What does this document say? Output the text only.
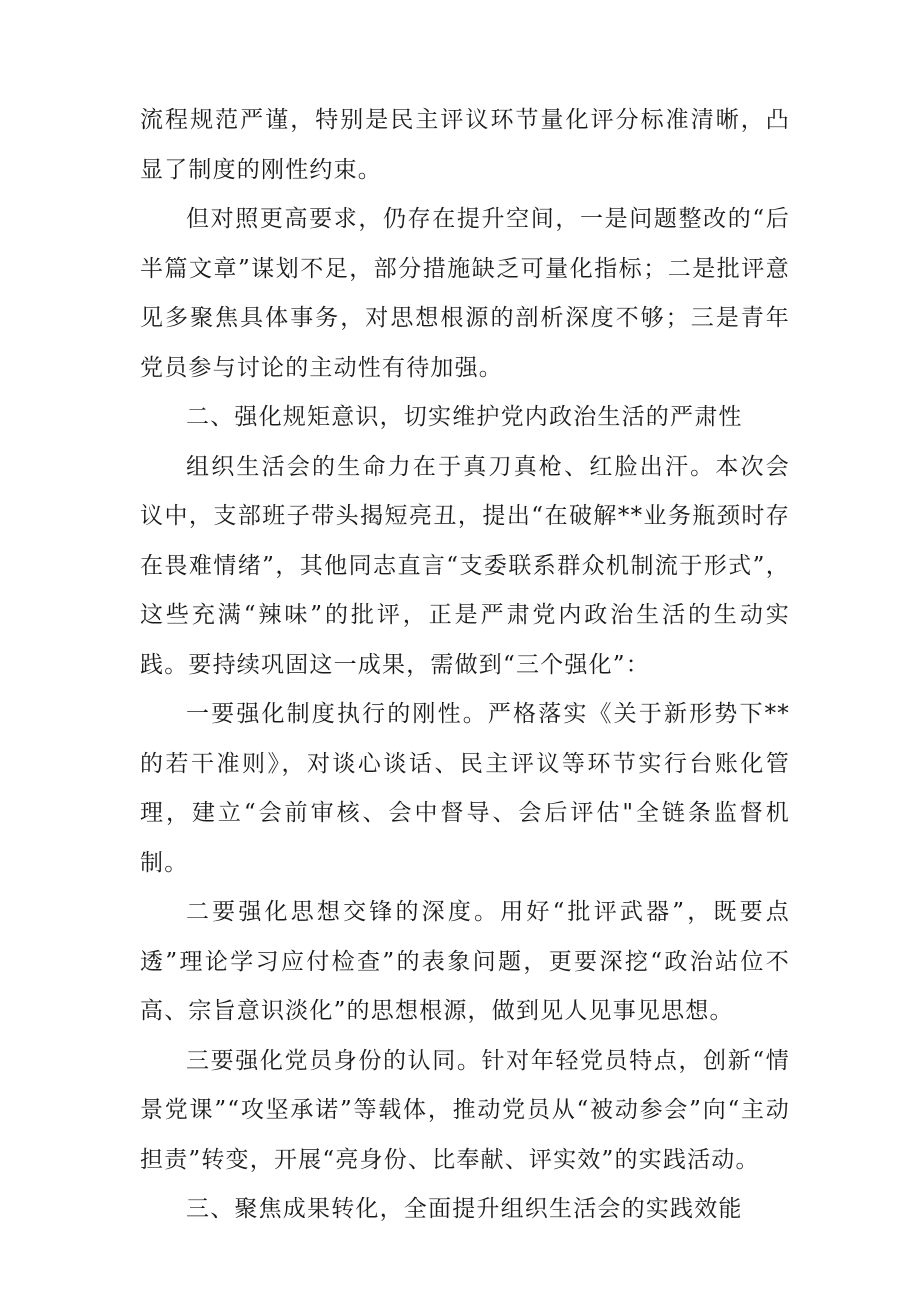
流程规范严谨，特别是民主评议环节量化评分标准清晰，凸显了制度的刚性约束。

但对照更高要求，仍存在提升空间，一是问题整改的“后半篇文章”谋划不足，部分措施缺乏可量化指标；二是批评意见多聚焦具体事务，对思想根源的剖析深度不够；三是青年党员参与讨论的主动性有待加强。

二、强化规矩意识，切实维护党内政治生活的严肃性

组织生活会的生命力在于真刀真枪、红脸出汗。本次会议中，支部班子带头揭短亮丑，提出“在破解**业务瓶颈时存在畏难情绪”，其他同志直言“支委联系群众机制流于形式”，这些充满“辣味”的批评，正是严肃党内政治生活的生动实践。要持续巩固这一成果，需做到“三个强化”：

一要强化制度执行的刚性。严格落实《关于新形势下**的若干准则》，对谈心谈话、民主评议等环节实行台账化管理，建立“会前审核、会中督导、会后评估"全链条监督机制。

二要强化思想交锋的深度。用好“批评武器”，既要点透”理论学习应付检查”的表象问题，更要深挖“政治站位不高、宗旨意识淡化”的思想根源，做到见人见事见思想。

三要强化党员身份的认同。针对年轻党员特点，创新“情景党课”“攻坚承诺”等载体，推动党员从“被动参会”向“主动担责”转变，开展“亮身份、比奉献、评实效”的实践活动。

三、聚焦成果转化，全面提升组织生活会的实践效能
